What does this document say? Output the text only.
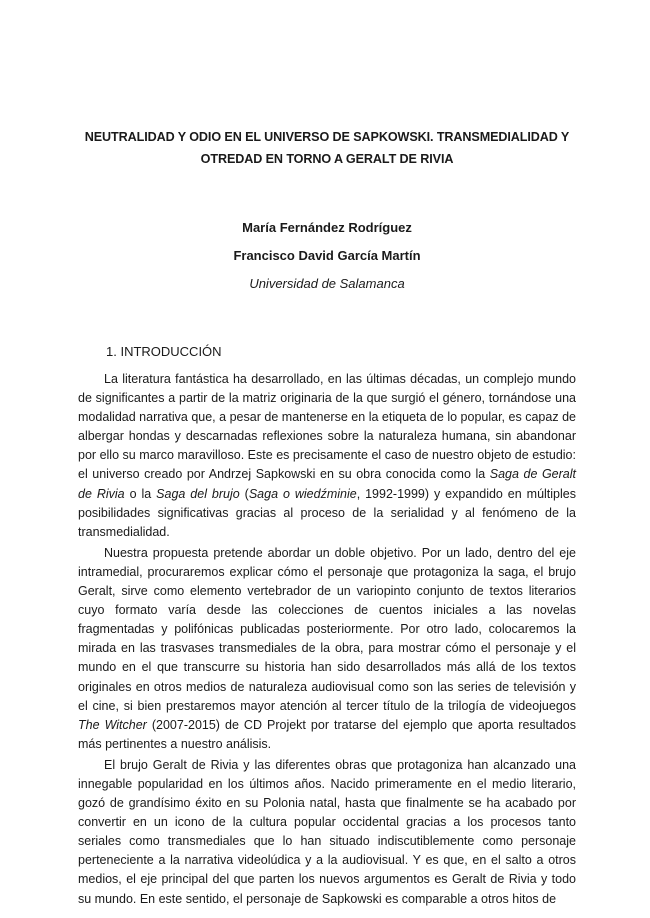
NEUTRALIDAD Y ODIO EN EL UNIVERSO DE SAPKOWSKI. TRANSMEDIALIDAD Y
OTREDAD EN TORNO A GERALT DE RIVIA
María Fernández Rodríguez
Francisco David García Martín
Universidad de Salamanca
1. INTRODUCCIÓN

La literatura fantástica ha desarrollado, en las últimas décadas, un complejo mundo de significantes a partir de la matriz originaria de la que surgió el género, tornándose una modalidad narrativa que, a pesar de mantenerse en la etiqueta de lo popular, es capaz de albergar hondas y descarnadas reflexiones sobre la naturaleza humana, sin abandonar por ello su marco maravilloso. Este es precisamente el caso de nuestro objeto de estudio: el universo creado por Andrzej Sapkowski en su obra conocida como la Saga de Geralt de Rivia o la Saga del brujo (Saga o wiedźminie, 1992-1999) y expandido en múltiples posibilidades significativas gracias al proceso de la serialidad y al fenómeno de la transmedialidad.

Nuestra propuesta pretende abordar un doble objetivo. Por un lado, dentro del eje intramedial, procuraremos explicar cómo el personaje que protagoniza la saga, el brujo Geralt, sirve como elemento vertebrador de un variopinto conjunto de textos literarios cuyo formato varía desde las colecciones de cuentos iniciales a las novelas fragmentadas y polifónicas publicadas posteriormente. Por otro lado, colocaremos la mirada en las trasvases transmediales de la obra, para mostrar cómo el personaje y el mundo en el que transcurre su historia han sido desarrollados más allá de los textos originales en otros medios de naturaleza audiovisual como son las series de televisión y el cine, si bien prestaremos mayor atención al tercer título de la trilogía de videojuegos The Witcher (2007-2015) de CD Projekt por tratarse del ejemplo que aporta resultados más pertinentes a nuestro análisis.

El brujo Geralt de Rivia y las diferentes obras que protagoniza han alcanzado una innegable popularidad en los últimos años. Nacido primeramente en el medio literario, gozó de grandísimo éxito en su Polonia natal, hasta que finalmente se ha acabado por convertir en un icono de la cultura popular occidental gracias a los procesos tanto seriales como transmediales que lo han situado indiscutiblemente como personaje perteneciente a la narrativa videolúdica y a la audiovisual. Y es que, en el salto a otros medios, el eje principal del que parten los nuevos argumentos es Geralt de Rivia y todo su mundo. En este sentido, el personaje de Sapkowski es comparable a otros hitos de
